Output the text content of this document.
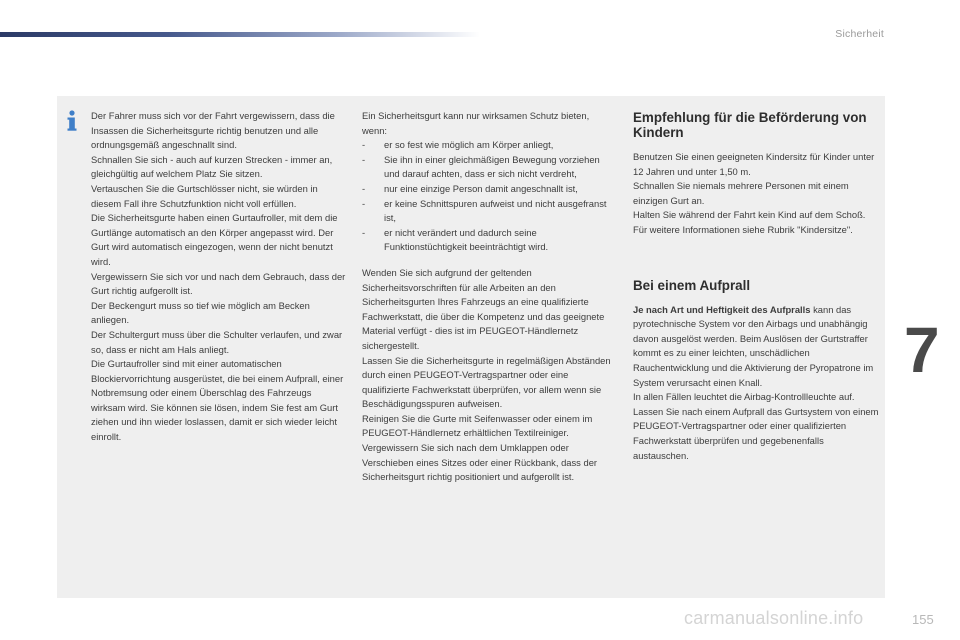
Sicherheit

Der Fahrer muss sich vor der Fahrt vergewissern, dass die Insassen die Sicherheitsgurte richtig benutzen und alle ordnungsgemäß angeschnallt sind.

Schnallen Sie sich - auch auf kurzen Strecken - immer an, gleichgültig auf welchem Platz Sie sitzen.

Vertauschen Sie die Gurtschlösser nicht, sie würden in diesem Fall ihre Schutzfunktion nicht voll erfüllen.

Die Sicherheitsgurte haben einen Gurtaufroller, mit dem die Gurtlänge automatisch an den Körper angepasst wird. Der Gurt wird automatisch eingezogen, wenn der nicht benutzt wird.

Vergewissern Sie sich vor und nach dem Gebrauch, dass der Gurt richtig aufgerollt ist.

Der Beckengurt muss so tief wie möglich am Becken anliegen.

Der Schultergurt muss über die Schulter verlaufen, und zwar so, dass er nicht am Hals anliegt.

Die Gurtaufroller sind mit einer automatischen Blockiervorrichtung ausgerüstet, die bei einem Aufprall, einer Notbremsung oder einem Überschlag des Fahrzeugs wirksam wird. Sie können sie lösen, indem Sie fest am Gurt ziehen und ihn wieder loslassen, damit er sich wieder leicht einrollt.

Ein Sicherheitsgurt kann nur wirksamen Schutz bieten, wenn:

- er so fest wie möglich am Körper anliegt,
- Sie ihn in einer gleichmäßigen Bewegung vorziehen und darauf achten, dass er sich nicht verdreht,
- nur eine einzige Person damit angeschnallt ist,
- er keine Schnittspuren aufweist und nicht ausgefranst ist,
- er nicht verändert und dadurch seine Funktionstüchtigkeit beeinträchtigt wird.

Wenden Sie sich aufgrund der geltenden Sicherheitsvorschriften für alle Arbeiten an den Sicherheitsgurten Ihres Fahrzeugs an eine qualifizierte Fachwerkstatt, die über die Kompetenz und das geeignete Material verfügt - dies ist im PEUGEOT-Händlernetz sichergestellt.

Lassen Sie die Sicherheitsgurte in regelmäßigen Abständen durch einen PEUGEOT-Vertragspartner oder eine qualifizierte Fachwerkstatt überprüfen, vor allem wenn sie Beschädigungsspuren aufweisen.

Reinigen Sie die Gurte mit Seifenwasser oder einem im PEUGEOT-Händlernetz erhältlichen Textilreiniger.

Vergewissern Sie sich nach dem Umklappen oder Verschieben eines Sitzes oder einer Rückbank, dass der Sicherheitsgurt richtig positioniert und aufgerollt ist.

Empfehlung für die Beförderung von Kindern

Benutzen Sie einen geeigneten Kindersitz für Kinder unter 12 Jahren und unter 1,50 m.

Schnallen Sie niemals mehrere Personen mit einem einzigen Gurt an.

Halten Sie während der Fahrt kein Kind auf dem Schoß.

Für weitere Informationen siehe Rubrik "Kindersitze".

Bei einem Aufprall

Je nach Art und Heftigkeit des Aufpralls kann das pyrotechnische System vor den Airbags und unabhängig davon ausgelöst werden. Beim Auslösen der Gurtstraffer kommt es zu einer leichten, unschädlichen Rauchentwicklung und die Aktivierung der Pyropatrone im System verursacht einen Knall.

In allen Fällen leuchtet die Airbag-Kontrollleuchte auf.

Lassen Sie nach einem Aufprall das Gurtsystem von einem PEUGEOT-Vertragspartner oder einer qualifizierten Fachwerkstatt überprüfen und gegebenenfalls austauschen.

7
carmanualsonline.info	155
